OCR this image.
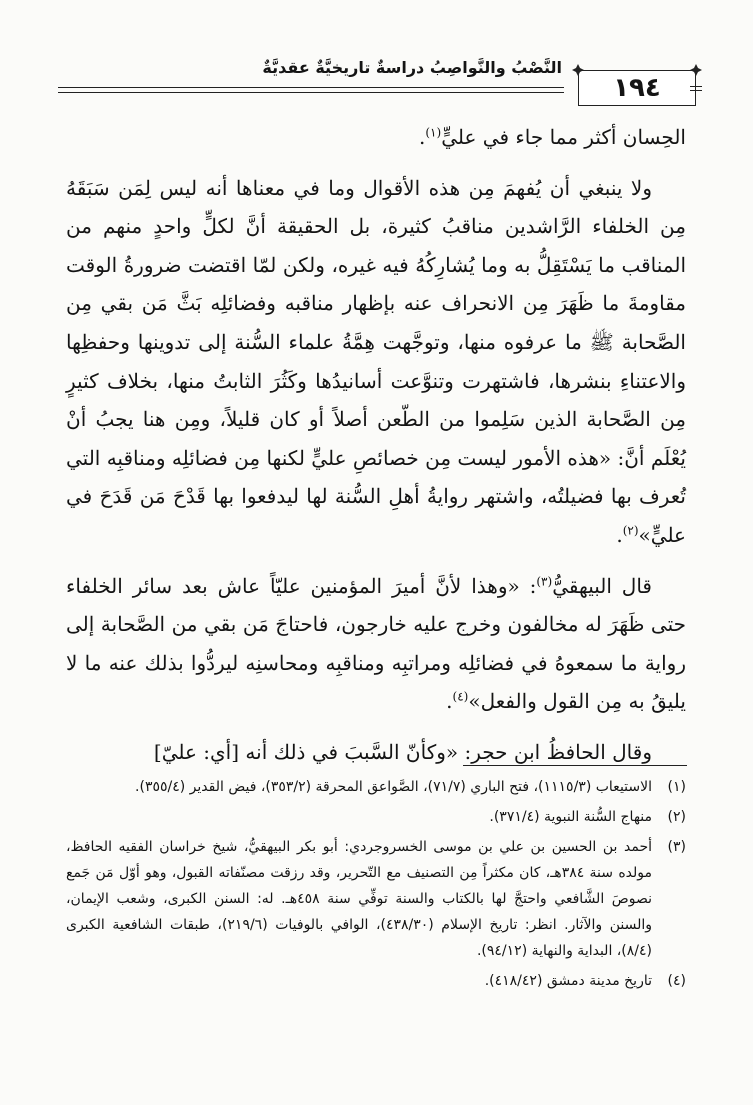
النَّصْبُ والنَّواصِبُ دراسةٌ تاريخيَّةٌ عقديَّةٌ
١٩٤

الحِسان أكثر مما جاء في عليٍّ$^{(١)}$.

ولا ينبغي أن يُفهمَ مِن هذه الأقوال وما في معناها أنه ليس لِمَن سَبَقَهُ مِن الخلفاء الرَّاشدين مناقبُ كثيرة، بل الحقيقة أنَّ لكلٍّ واحدٍ منهم من المناقب ما يَسْتَقِلُّ به وما يُشارِكُهُ فيه غيره، ولكن لمّا اقتضت ضرورةُ الوقت مقاومةَ ما ظَهَرَ مِن الانحراف عنه بإظهار مناقبه وفضائلِه بَثَّ مَن بقي مِن الصَّحابة ﷺ ما عرفوه منها، وتوجَّهت هِمَّةُ علماء السُّنة إلى تدوينها وحفظِها والاعتناءِ بنشرها، فاشتهرت وتنوَّعت أسانيدُها وكَثُرَ الثابتُ منها، بخلاف كثيرٍ مِن الصَّحابة الذين سَلِموا من الطّعن أصلاً أو كان قليلاً، ومِن هنا يجبُ أنْ يُعْلَم أنَّ: «هذه الأمور ليست مِن خصائصِ عليٍّ لكنها مِن فضائلِه ومناقبِه التي تُعرف بها فضيلتُه، واشتهر روايةُ أهلِ السُّنة لها ليدفعوا بها قَدْحَ مَن قَدَحَ في عليٍّ»$^{(٢)}$.

قال البيهقيُّ$^{(٣)}$: «وهذا لأنَّ أميرَ المؤمنين عليّاً عاش بعد سائر الخلفاء حتى ظَهَرَ له مخالفون وخرج عليه خارجون، فاحتاجَ مَن بقي من الصَّحابة إلى رواية ما سمعوهُ في فضائلِه ومراتبِه ومناقبِه ومحاسنِه ليردُّوا بذلك عنه ما لا يليقُ به مِن القول والفعل»$^{(٤)}$.

وقال الحافظُ ابن حجر: «وكأنّ السَّببَ في ذلك أنه [أي: عليّ]

(١)
الاستيعاب (١١١٥/٣)، فتح الباري (٧١/٧)، الصَّواعق المحرقة (٣٥٣/٢)، فيض القدير (٣٥٥/٤).
(٢)
منهاج السُّنة النبوية (٣٧١/٤).
(٣)
أحمد بن الحسين بن علي بن موسى الخسروجردي: أبو بكر البيهقيُّ، شيخ خراسان الفقيه الحافظ، مولده سنة ٣٨٤هـ، كان مكثراً مِن التصنيف مع التّحرير، وقد رزقت مصنّفاته القبول، وهو أوّل مَن جَمع نصوصَ الشَّافعي واحتجَّ لها بالكتاب والسنة توفِّي سنة ٤٥٨هـ. له: السنن الكبرى، وشعب الإيمان، والسنن والآثار. انظر: تاريخ الإسلام (٤٣٨/٣٠)، الوافي بالوفيات (٢١٩/٦)، طبقات الشافعية الكبرى (٨/٤)، البداية والنهاية (٩٤/١٢).
(٤)
تاريخ مدينة دمشق (٤١٨/٤٢).
